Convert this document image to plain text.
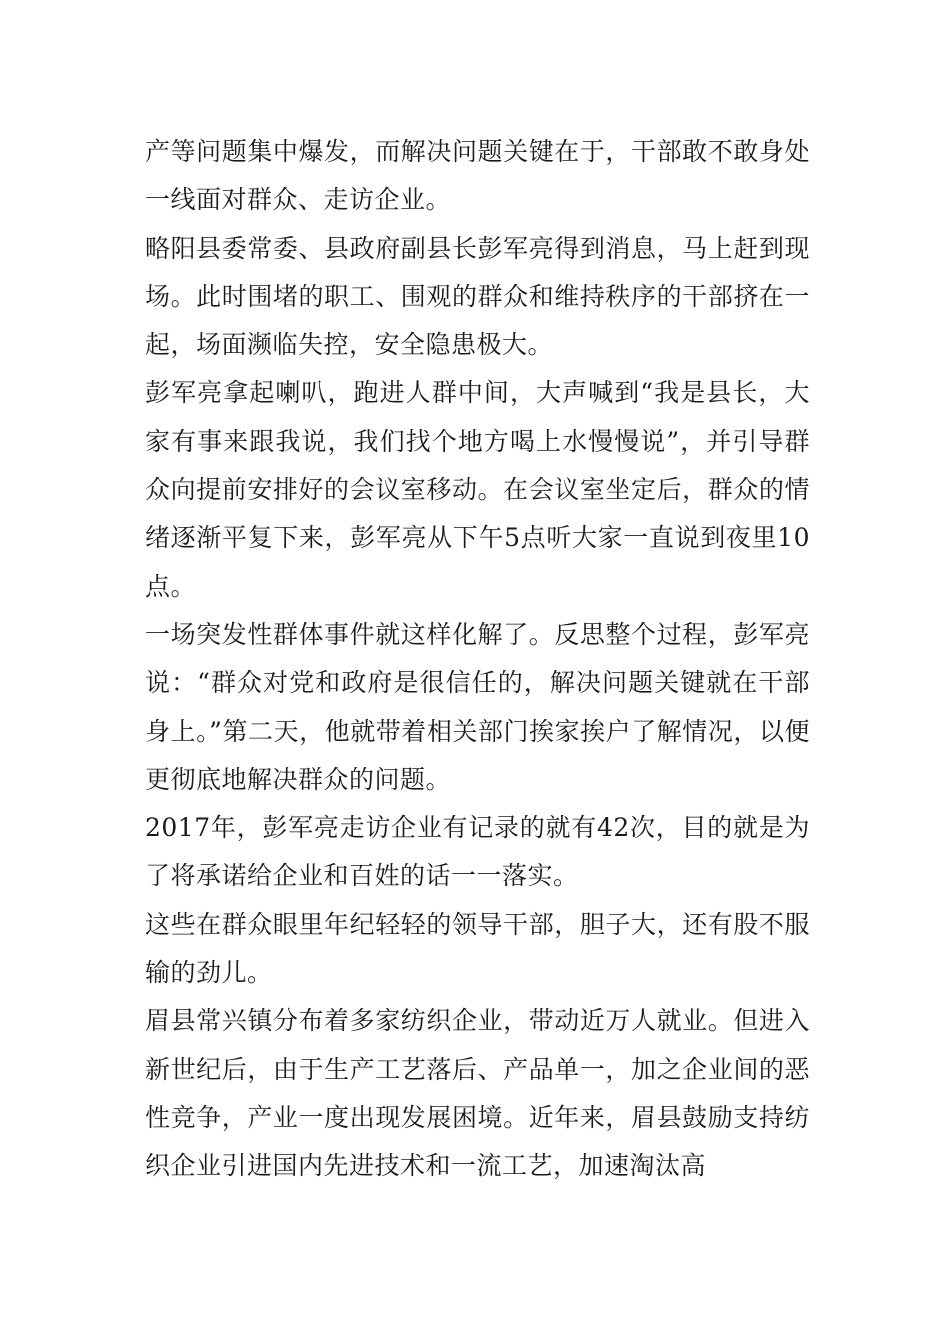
产等问题集中爆发，而解决问题关键在于，干部敢不敢身处一线面对群众、走访企业。

略阳县委常委、县政府副县长彭军亮得到消息，马上赶到现场。此时围堵的职工、围观的群众和维持秩序的干部挤在一起，场面濒临失控，安全隐患极大。

彭军亮拿起喇叭，跑进人群中间，大声喊到“我是县长，大家有事来跟我说，我们找个地方喝上水慢慢说”，并引导群众向提前安排好的会议室移动。在会议室坐定后，群众的情绪逐渐平复下来，彭军亮从下午5点听大家一直说到夜里10点。

一场突发性群体事件就这样化解了。反思整个过程，彭军亮说：“群众对党和政府是很信任的，解决问题关键就在干部身上。”第二天，他就带着相关部门挨家挨户了解情况，以便更彻底地解决群众的问题。

2017年，彭军亮走访企业有记录的就有42次，目的就是为了将承诺给企业和百姓的话一一落实。

这些在群众眼里年纪轻轻的领导干部，胆子大，还有股不服输的劲儿。

眉县常兴镇分布着多家纺织企业，带动近万人就业。但进入新世纪后，由于生产工艺落后、产品单一，加之企业间的恶性竞争，产业一度出现发展困境。近年来，眉县鼓励支持纺织企业引进国内先进技术和一流工艺，加速淘汰高
